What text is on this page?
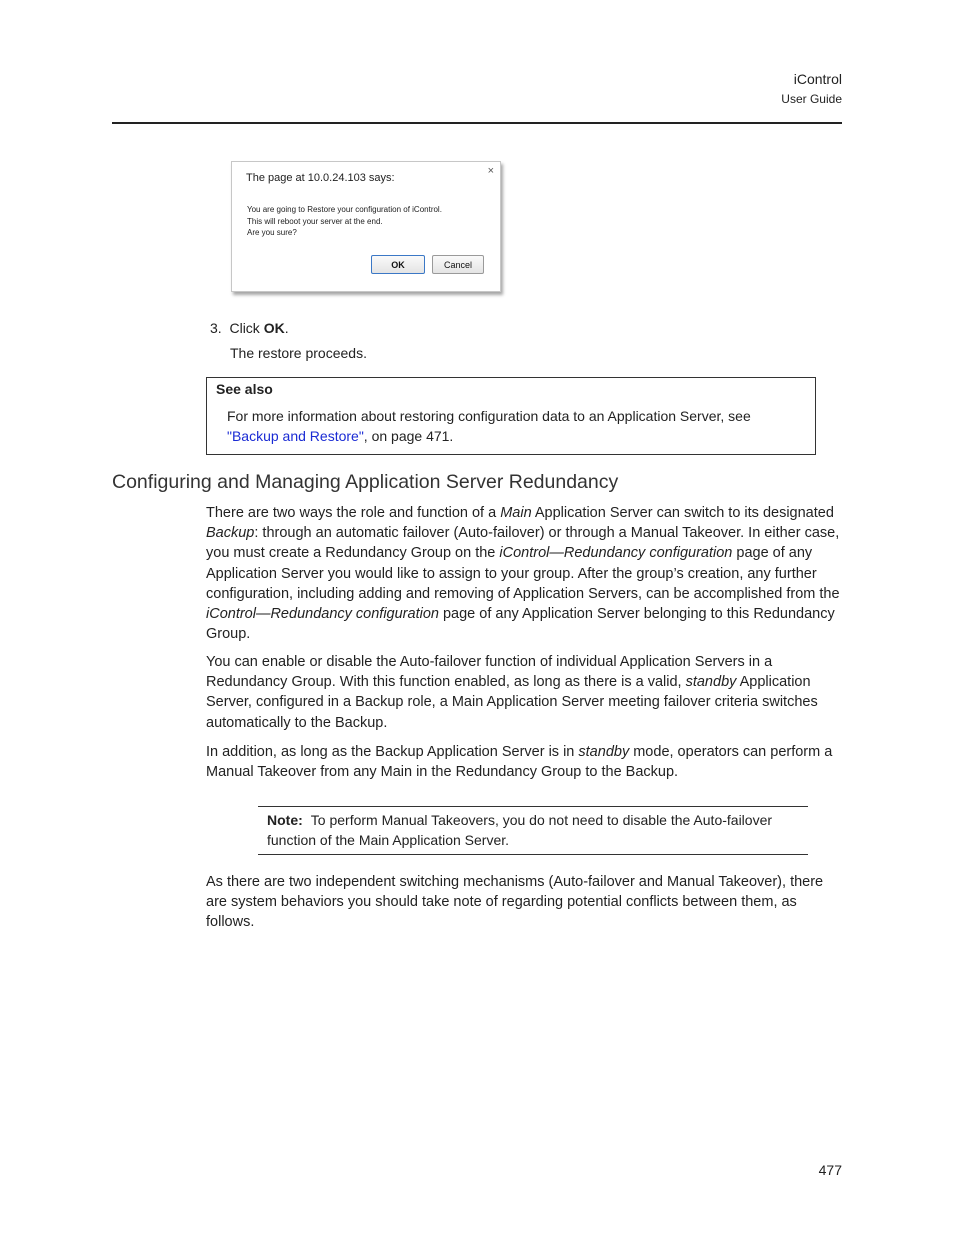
iControl
User Guide
×
The page at 10.0.24.103 says:
You are going to Restore your configuration of iControl.
This will reboot your server at the end.
Are you sure?
OK	Cancel
3. Click OK.
The restore proceeds.
See also
For more information about restoring configuration data to an Application Server, see "Backup and Restore", on page 471.
Configuring and Managing Application Server Redundancy
There are two ways the role and function of a Main Application Server can switch to its designated Backup: through an automatic failover (Auto-failover) or through a Manual Takeover. In either case, you must create a Redundancy Group on the iControl—Redundancy configuration page of any Application Server you would like to assign to your group. After the group’s creation, any further configuration, including adding and removing of Application Servers, can be accomplished from the iControl—Redundancy configuration page of any Application Server belonging to this Redundancy Group.
You can enable or disable the Auto-failover function of individual Application Servers in a Redundancy Group. With this function enabled, as long as there is a valid, standby Application Server, configured in a Backup role, a Main Application Server meeting failover criteria switches automatically to the Backup.
In addition, as long as the Backup Application Server is in standby mode, operators can perform a Manual Takeover from any Main in the Redundancy Group to the Backup.
Note: To perform Manual Takeovers, you do not need to disable the Auto-failover function of the Main Application Server.
As there are two independent switching mechanisms (Auto-failover and Manual Takeover), there are system behaviors you should take note of regarding potential conflicts between them, as follows.
477
